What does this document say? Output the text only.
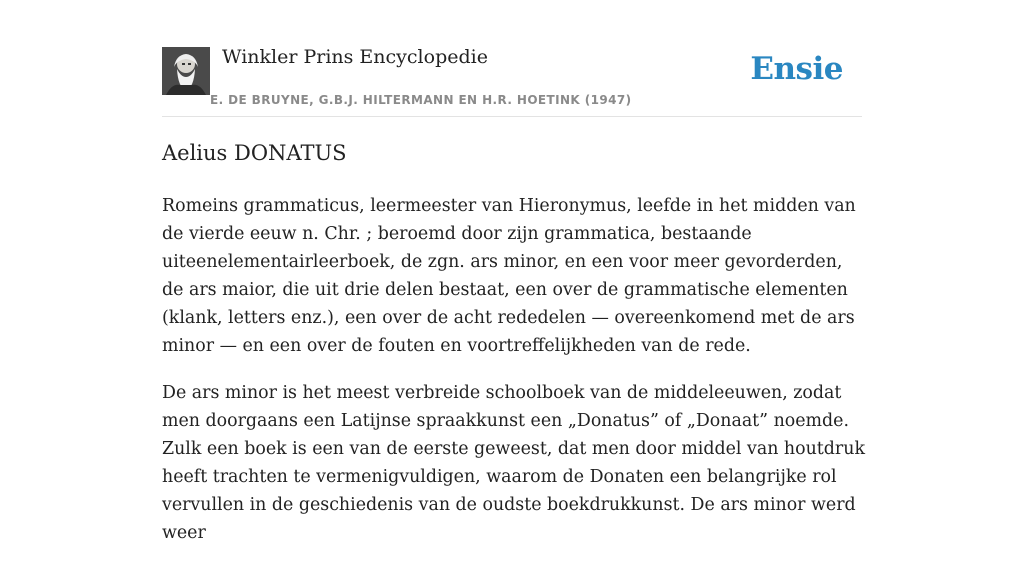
Winkler Prins Encyclopedie
E. DE BRUYNE, G.B.J. HILTERMANN EN H.R. HOETINK (1947)
Ensie
Aelius DONATUS

Romeins grammaticus, leermeester van Hieronymus, leefde in het midden van de vierde eeuw n. Chr. ; beroemd door zijn grammatica, bestaande uiteenelementairleerboek, de zgn. ars minor, en een voor meer gevorderden, de ars maior, die uit drie delen bestaat, een over de grammatische elementen (klank, letters enz.), een over de acht rededelen — overeenkomend met de ars minor — en een over de fouten en voortreffelijkheden van de rede.

De ars minor is het meest verbreide schoolboek van de middeleeuwen, zodat men doorgaans een Latijnse spraakkunst een „Donatus” of „Donaat” noemde. Zulk een boek is een van de eerste geweest, dat men door middel van houtdruk heeft trachten te vermenigvuldigen, waarom de Donaten een belangrijke rol vervullen in de geschiedenis van de oudste boekdrukkunst. De ars minor werd weer
